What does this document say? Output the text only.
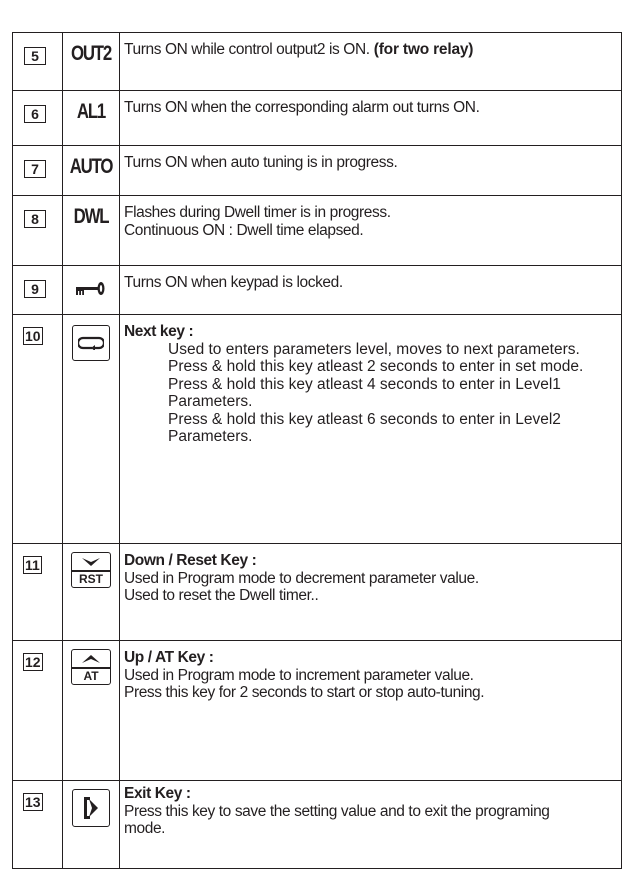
5	OUT2	Turns ON while control output2 is ON. (for two relay)
6	AL1	Turns ON when the corresponding alarm out turns ON.
7	AUTO	Turns ON when auto tuning is in progress.
8	DWL	Flashes during Dwell timer is in progress.
Continuous ON : Dwell time elapsed.

9		Turns ON when keypad is locked.
10		Next key :
Used to enters parameters level, moves to next parameters.
Press & hold this key atleast 2 seconds to enter in set mode.
Press & hold this key atleast 4 seconds to enter in Level1 Parameters.
Press & hold this key atleast 6 seconds to enter in Level2 Parameters.

11	RST	Down / Reset Key :
Used in Program mode to decrement parameter value.
Used to reset the Dwell timer..

12	AT	Up / AT Key :
Used in Program mode to increment parameter value.
Press this key for 2 seconds to start or stop auto-tuning.

13		Exit Key :
Press this key to save the setting value and to exit the programing mode.
